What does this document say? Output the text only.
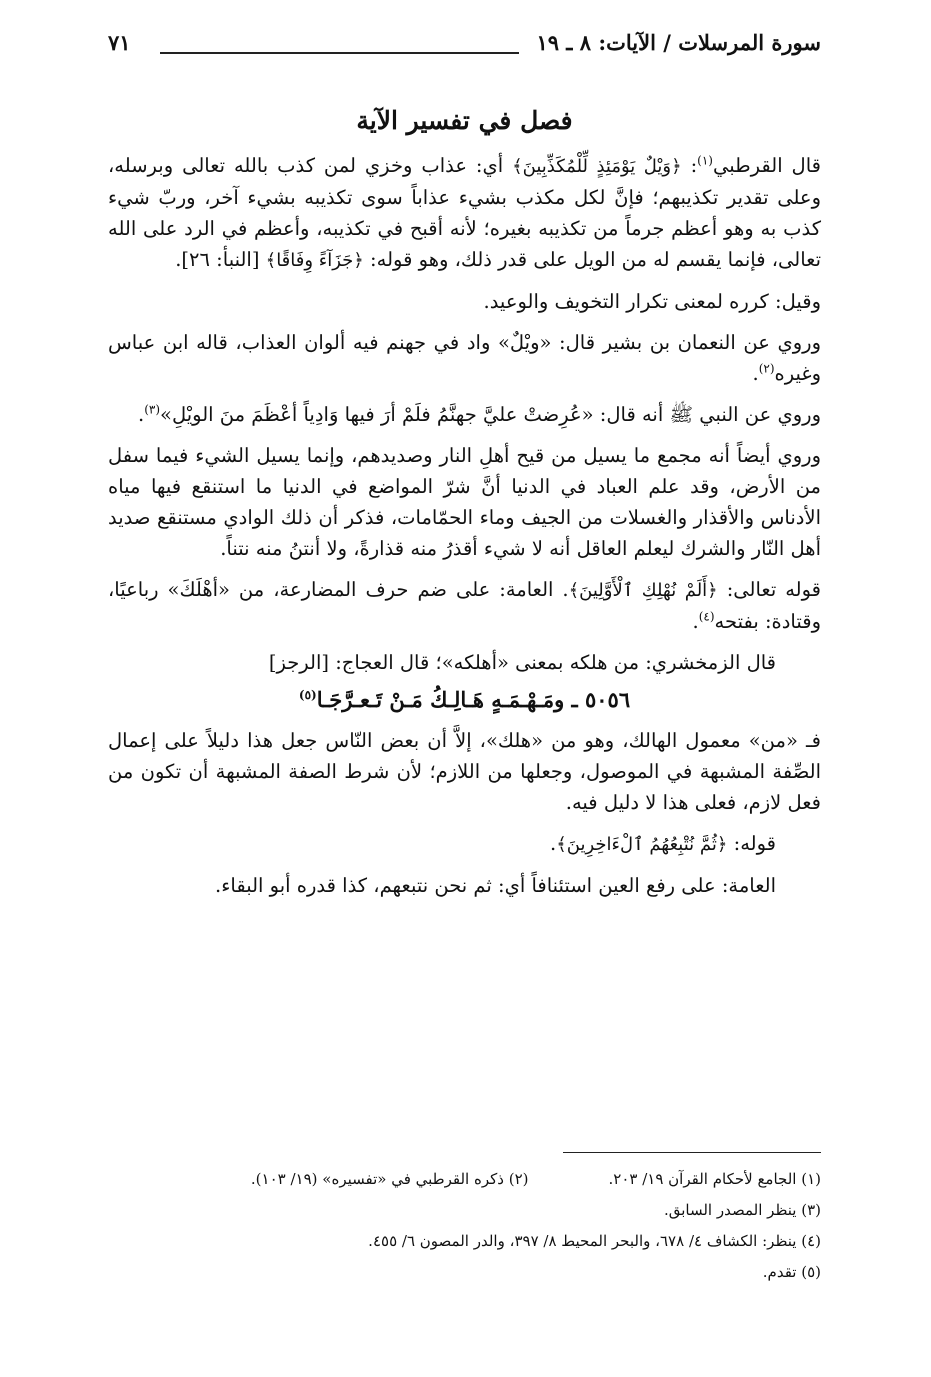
سورة المرسلات / الآيات: ٨ ـ ١٩
٧١
فصل في تفسير الآية

قال القرطبي$^{(١)}$: ﴿وَيْلٌ يَوْمَئِذٍ لِّلْمُكَذِّبِينَ﴾ أي: عذاب وخزي لمن كذب بالله تعالى وبرسله، وعلى تقدير تكذيبهم؛ فإنَّ لكل مكذب بشيء عذاباً سوى تكذيبه بشيء آخر، وربّ شيء كذب به وهو أعظم جرماً من تكذيبه بغيره؛ لأنه أقبح في تكذيبه، وأعظم في الرد على الله تعالى، فإنما يقسم له من الويل على قدر ذلك، وهو قوله: ﴿جَزَآءً وِفَاقًا﴾ [النبأ: ٢٦].

وقيل: كرره لمعنى تكرار التخويف والوعيد.

وروي عن النعمان بن بشير قال: «ويْلٌ» واد في جهنم فيه ألوان العذاب، قاله ابن عباس وغيره$^{(٢)}$.

وروي عن النبي ﷺ أنه قال: «عُرِضتْ عليَّ جهنَّمُ فلَمْ أرَ فيها وَادِياً أعْظَمَ منَ الويْلِ»$^{(٣)}$.

وروي أيضاً أنه مجمع ما يسيل من قيح أهلِ النار وصديدهم، وإنما يسيل الشيء فيما سفل من الأرض، وقد علم العباد في الدنيا أنَّ شرّ المواضع في الدنيا ما استنقع فيها مياه الأدناس والأقذار والغسلات من الجيف وماء الحمّامات، فذكر أن ذلك الوادي مستنقع صديد أهل النّار والشرك ليعلم العاقل أنه لا شيء أقذرُ منه قذارةً، ولا أنتنُ منه نتناً.

قوله تعالى: ﴿أَلَمْ نُهْلِكِ ٱلْأَوَّلِينَ﴾. العامة: على ضم حرف المضارعة، من «أهْلَكَ» رباعيًا، وقتادة: بفتحه$^{(٤)}$.

قال الزمخشري: من هلكه بمعنى «أهلكه»؛ قال العجاج: [الرجز]

٥٠٥٦ ـ ومَـهْـمَـهٍ هَـالِـكُ مَـنْ تَـعـرَّجَـا$^{(٥)}$

فـ «من» معمول الهالك، وهو من «هلك»، إلاَّ أن بعض النّاس جعل هذا دليلاً على إعمال الصِّفة المشبهة في الموصول، وجعلها من اللازم؛ لأن شرط الصفة المشبهة أن تكون من فعل لازم، فعلى هذا لا دليل فيه.

قوله: ﴿ثُمَّ نُتْبِعُهُمُ ٱلْءَاخِرِينَ﴾.

العامة: على رفع العين استئنافاً أي: ثم نحن نتبعهم، كذا قدره أبو البقاء.

(١) الجامع لأحكام القرآن ١٩/ ٢٠٣.
(٢) ذكره القرطبي في «تفسيره» (١٩/ ١٠٣).
(٣) ينظر المصدر السابق.
(٤) ينظر: الكشاف ٤/ ٦٧٨، والبحر المحيط ٨/ ٣٩٧، والدر المصون ٦/ ٤٥٥.
(٥) تقدم.
